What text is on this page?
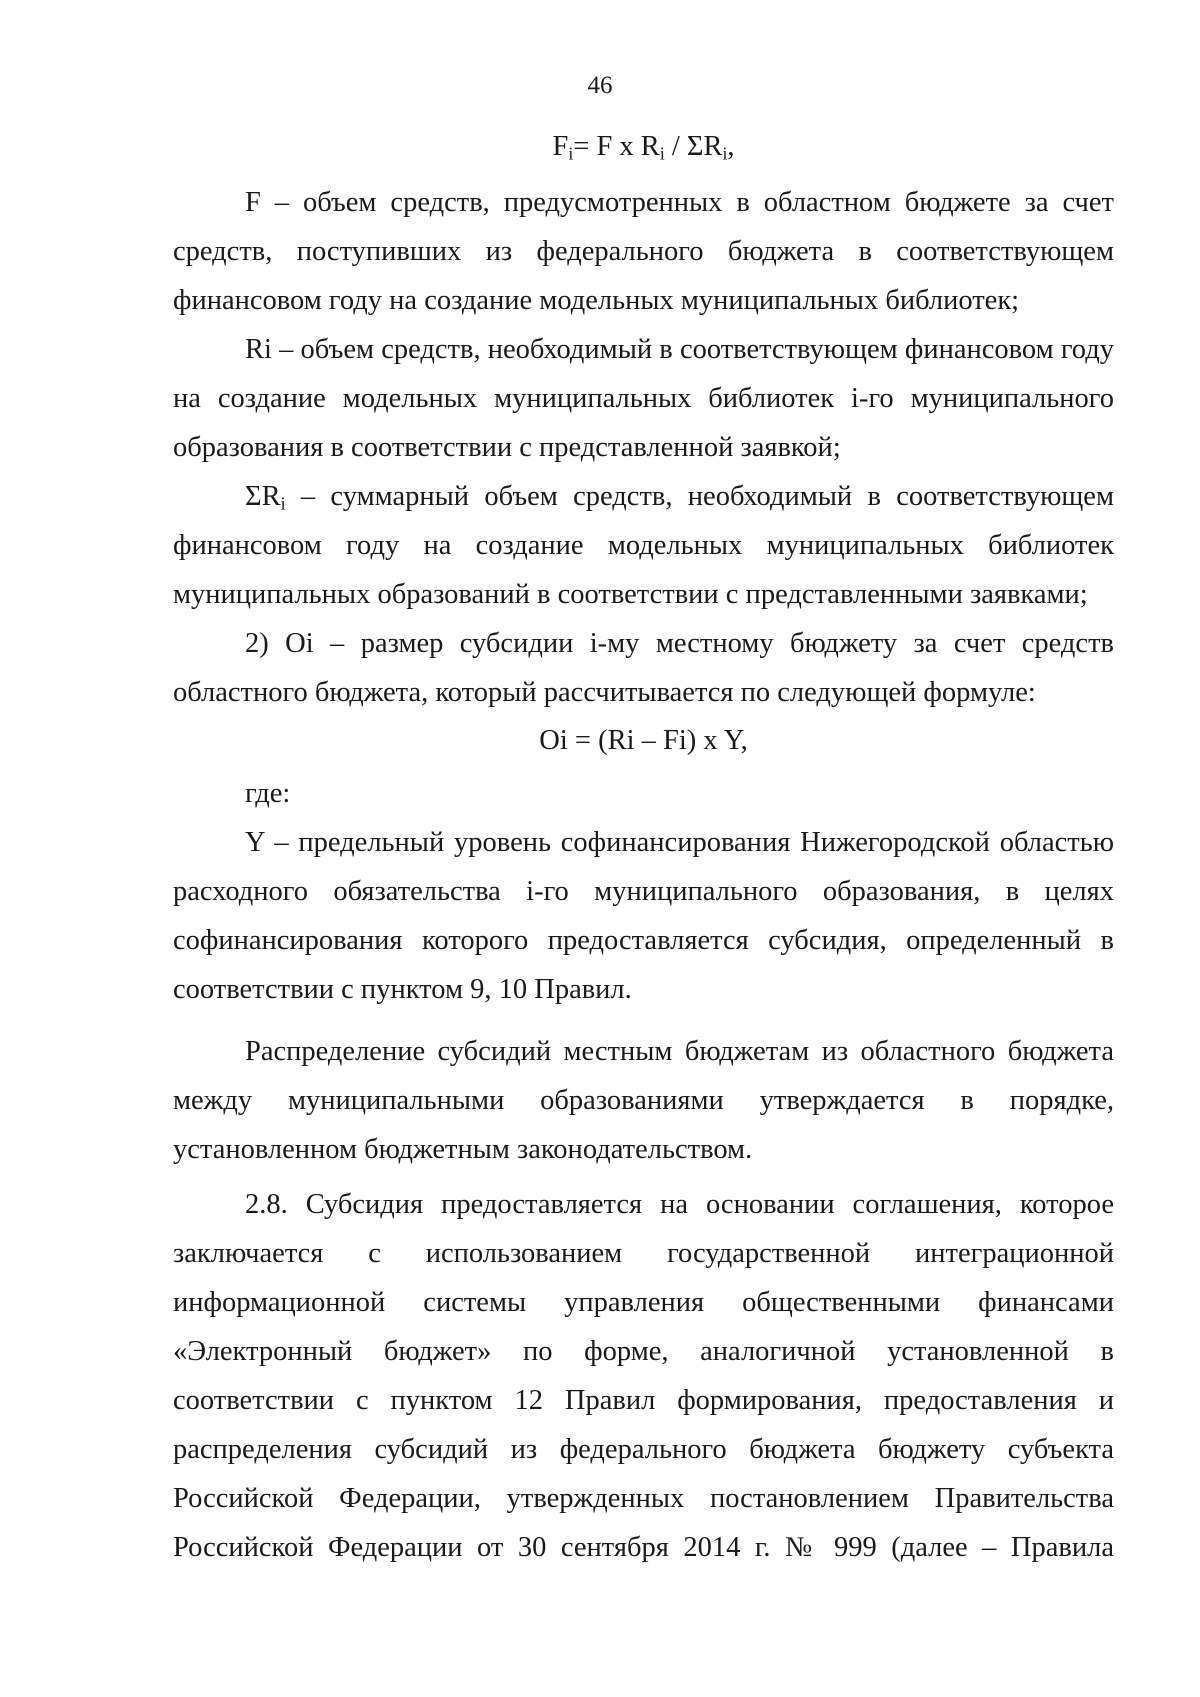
46
$F_i= F$ x $R_i / \Sigma R_i$,

F – объем средств, предусмотренных в областном бюджете за счет средств, поступивших из федерального бюджета в соответствующем финансовом году на создание модельных муниципальных библиотек;

Ri – объем средств, необходимый в соответствующем финансовом году на создание модельных муниципальных библиотек i-го муниципального образования в соответствии с представленной заявкой;

$\Sigma R_i$ – суммарный объем средств, необходимый в соответствующем финансовом году на создание модельных муниципальных библиотек муниципальных образований в соответствии с представленными заявками;

2) Oi – размер субсидии i-му местному бюджету за счет средств областного бюджета, который рассчитывается по следующей формуле:

Oi = (Ri – Fi) x Y,

где:

Y – предельный уровень софинансирования Нижегородской областью расходного обязательства i-го муниципального образования, в целях софинансирования которого предоставляется субсидия, определенный в соответствии с пунктом 9, 10 Правил.

Распределение субсидий местным бюджетам из областного бюджета между муниципальными образованиями утверждается в порядке, установленном бюджетным законодательством.

2.8. Субсидия предоставляется на основании соглашения, которое заключается с использованием государственной интеграционной информационной системы управления общественными финансами «Электронный бюджет» по форме, аналогичной установленной в соответствии с пунктом 12 Правил формирования, предоставления и распределения субсидий из федерального бюджета бюджету субъекта Российской Федерации, утвержденных постановлением Правительства Российской Федерации от 30 сентября 2014 г. № 999 (далее – Правила
